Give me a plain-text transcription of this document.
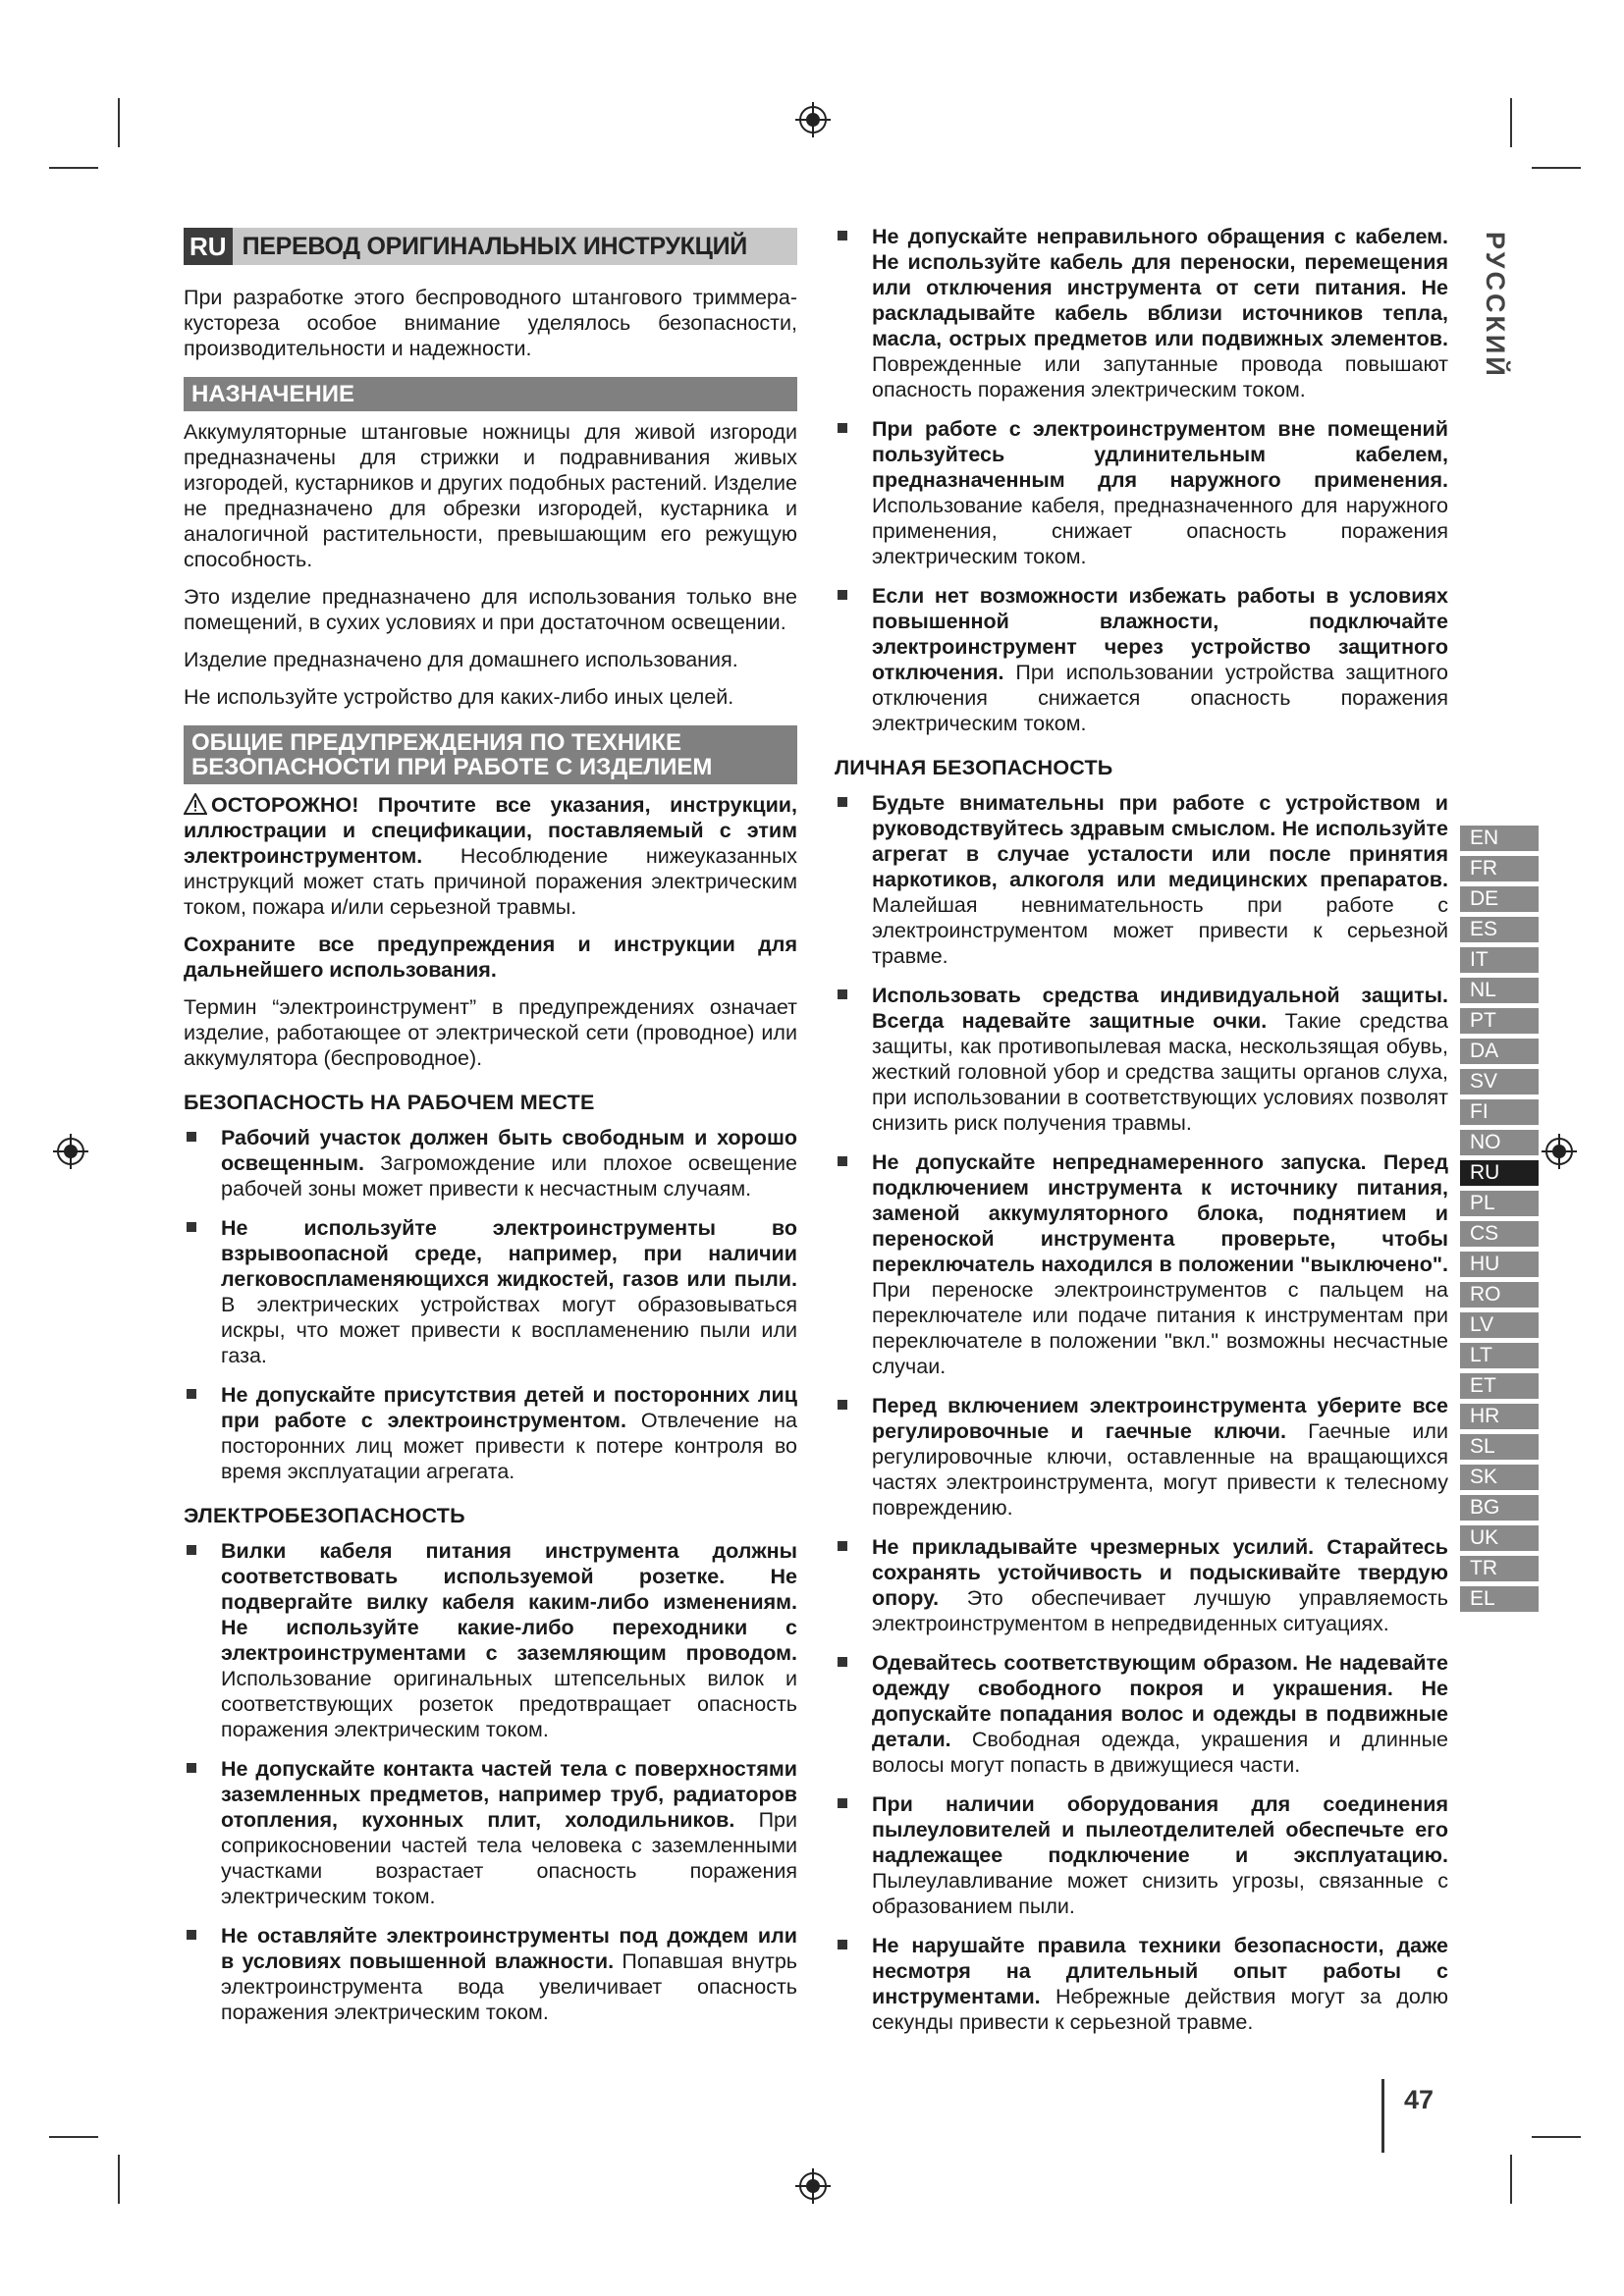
RU ПЕРЕВОД ОРИГИНАЛЬНЫХ ИНСТРУКЦИЙ

При разработке этого беспроводного штангового триммера-кустореза особое внимание уделялось безопасности, производительности и надежности.

НАЗНАЧЕНИЕ

Аккумуляторные штанговые ножницы для живой изгороди предназначены для стрижки и подравнивания живых изгородей, кустарников и других подобных растений. Изделие не предназначено для обрезки изгородей, кустарника и аналогичной растительности, превышающим его режущую способность.

Это изделие предназначено для использования только вне помещений, в сухих условиях и при достаточном освещении.

Изделие предназначено для домашнего использования.

Не используйте устройство для каких-либо иных целей.

ОБЩИЕ ПРЕДУПРЕЖДЕНИЯ ПО ТЕХНИКЕ
БЕЗОПАСНОСТИ ПРИ РАБОТЕ С ИЗДЕЛИЕМ

ОСТОРОЖНО! Прочтите все указания, инструкции, иллюстрации и спецификации, поставляемый с этим электроинструментом. Несоблюдение нижеуказанных инструкций может стать причиной поражения электрическим током, пожара и/или серьезной травмы.

Сохраните все предупреждения и инструкции для дальнейшего использования.

Термин “электроинструмент” в предупреждениях означает изделие, работающее от электрической сети (проводное) или аккумулятора (беспроводное).

БЕЗОПАСНОСТЬ НА РАБОЧЕМ МЕСТЕ

Рабочий участок должен быть свободным и хорошо освещенным. Загромождение или плохое освещение рабочей зоны может привести к несчастным случаям.

Не используйте электроинструменты во взрывоопасной среде, например, при наличии легковоспламеняющихся жидкостей, газов или пыли. В электрических устройствах могут образовываться искры, что может привести к воспламенению пыли или газа.

Не допускайте присутствия детей и посторонних лиц при работе с электроинструментом. Отвлечение на посторонних лиц может привести к потере контроля во время эксплуатации агрегата.

ЭЛЕКТРОБЕЗОПАСНОСТЬ

Вилки кабеля питания инструмента должны соответствовать используемой розетке. Не подвергайте вилку кабеля каким-либо изменениям. Не используйте какие-либо переходники с электроинструментами с заземляющим проводом. Использование оригинальных штепсельных вилок и соответствующих розеток предотвращает опасность поражения электрическим током.

Не допускайте контакта частей тела с поверхностями заземленных предметов, например труб, радиаторов отопления, кухонных плит, холодильников. При соприкосновении частей тела человека с заземленными участками возрастает опасность поражения электрическим током.

Не оставляйте электроинструменты под дождем или в условиях повышенной влажности. Попавшая внутрь электроинструмента вода увеличивает опасность поражения электрическим током.

Не допускайте неправильного обращения с кабелем. Не используйте кабель для переноски, перемещения или отключения инструмента от сети питания. Не раскладывайте кабель вблизи источников тепла, масла, острых предметов или подвижных элементов. Поврежденные или запутанные провода повышают опасность поражения электрическим током.

При работе с электроинструментом вне помещений пользуйтесь удлинительным кабелем, предназначенным для наружного применения. Использование кабеля, предназначенного для наружного применения, снижает опасность поражения электрическим током.

Если нет возможности избежать работы в условиях повышенной влажности, подключайте электроинструмент через устройство защитного отключения. При использовании устройства защитного отключения снижается опасность поражения электрическим током.

ЛИЧНАЯ БЕЗОПАСНОСТЬ

Будьте внимательны при работе с устройством и руководствуйтесь здравым смыслом. Не используйте агрегат в случае усталости или после принятия наркотиков, алкоголя или медицинских препаратов. Малейшая невнимательность при работе с электроинструментом может привести к серьезной травме.

Использовать средства индивидуальной защиты. Всегда надевайте защитные очки. Такие средства защиты, как противопылевая маска, нескользящая обувь, жесткий головной убор и средства защиты органов слуха, при использовании в соответствующих условиях позволят снизить риск получения травмы.

Не допускайте непреднамеренного запуска. Перед подключением инструмента к источнику питания, заменой аккумуляторного блока, поднятием и переноской инструмента проверьте, чтобы переключатель находился в положении "выключено". При переноске электроинструментов с пальцем на переключателе или подаче питания к инструментам при переключателе в положении "вкл." возможны несчастные случаи.

Перед включением электроинструмента уберите все регулировочные и гаечные ключи. Гаечные или регулировочные ключи, оставленные на вращающихся частях электроинструмента, могут привести к телесному повреждению.

Не прикладывайте чрезмерных усилий. Старайтесь сохранять устойчивость и подыскивайте твердую опору. Это обеспечивает лучшую управляемость электроинструментом в непредвиденных ситуациях.

Одевайтесь соответствующим образом. Не надевайте одежду свободного покроя и украшения. Не допускайте попадания волос и одежды в подвижные детали. Свободная одежда, украшения и длинные волосы могут попасть в движущиеся части.

При наличии оборудования для соединения пылеуловителей и пылеотделителей обеспечьте его надлежащее подключение и эксплуатацию. Пылеулавливание может снизить угрозы, связанные с образованием пыли.

Не нарушайте правила техники безопасности, даже несмотря на длительный опыт работы с инструментами. Небрежные действия могут за долю секунды привести к серьезной травме.

РУССКИЙ
EN
FR
DE
ES
IT
NL
PT
DA
SV
FI
NO
RU
PL
CS
HU
RO
LV
LT
ET
HR
SL
SK
BG
UK
TR
EL
47
